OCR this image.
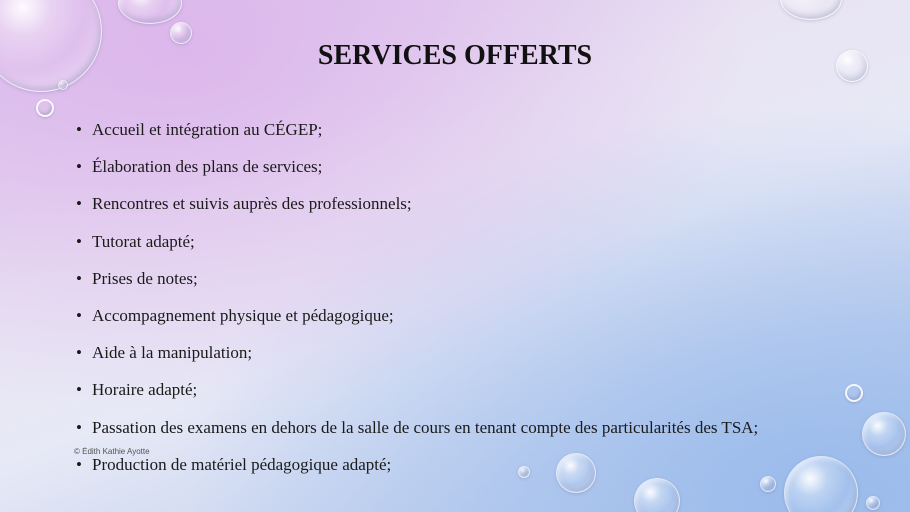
SERVICES OFFERTS
• Accueil et intégration au CÉGEP;
• Élaboration des plans de services;
• Rencontres et suivis auprès des professionnels;
• Tutorat adapté;
• Prises de notes;
• Accompagnement physique et pédagogique;
• Aide à la manipulation;
• Horaire adapté;
• Passation des examens en dehors de la salle de cours en tenant compte des particularités des TSA;
• Production de matériel pédagogique adapté;
© Édith Kathie Ayotte
